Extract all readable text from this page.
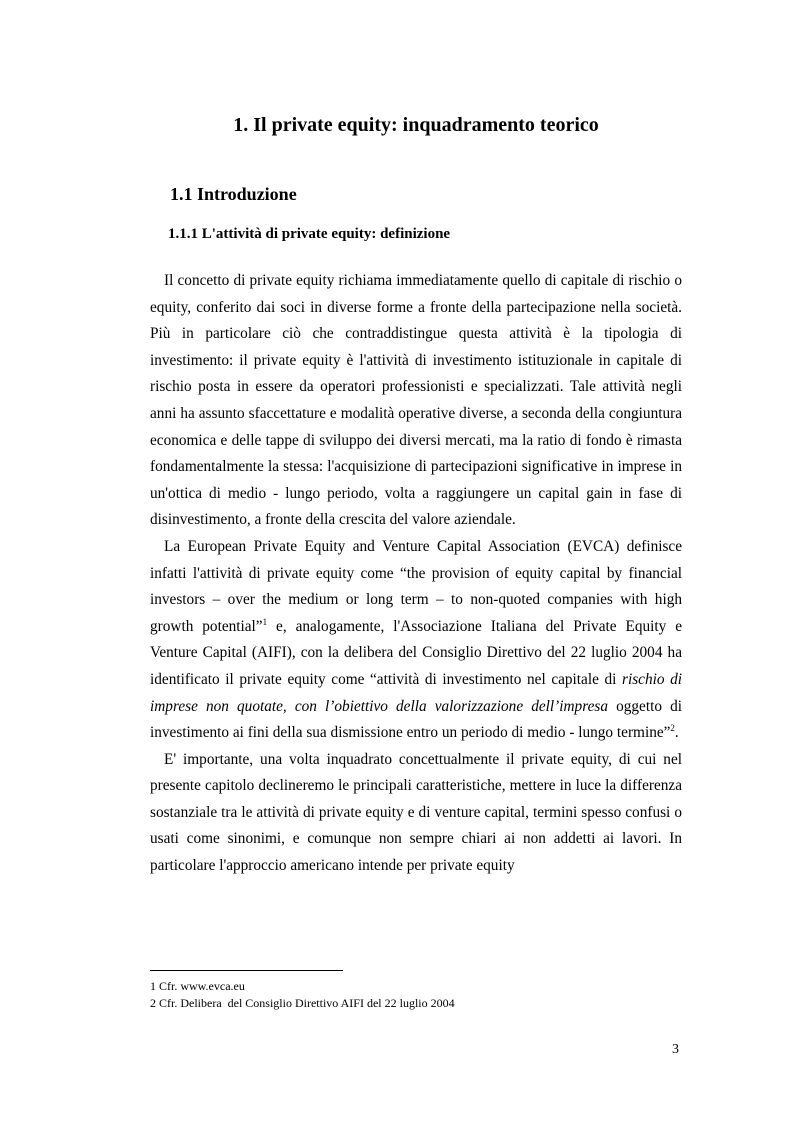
1. Il private equity: inquadramento teorico
1.1 Introduzione
1.1.1 L'attività di private equity: definizione

Il concetto di private equity richiama immediatamente quello di capitale di rischio o equity, conferito dai soci in diverse forme a fronte della partecipazione nella società. Più in particolare ciò che contraddistingue questa attività è la tipologia di investimento: il private equity è l'attività di investimento istituzionale in capitale di rischio posta in essere da operatori professionisti e specializzati. Tale attività negli anni ha assunto sfaccettature e modalità operative diverse, a seconda della congiuntura economica e delle tappe di sviluppo dei diversi mercati, ma la ratio di fondo è rimasta fondamentalmente la stessa: l'acquisizione di partecipazioni significative in imprese in un'ottica di medio - lungo periodo, volta a raggiungere un capital gain in fase di disinvestimento, a fronte della crescita del valore aziendale.

La European Private Equity and Venture Capital Association (EVCA) definisce infatti l'attività di private equity come “the provision of equity capital by financial investors – over the medium or long term – to non-quoted companies with high growth potential”$^1$ e, analogamente, l'Associazione Italiana del Private Equity e Venture Capital (AIFI), con la delibera del Consiglio Direttivo del 22 luglio 2004 ha identificato il private equity come “attività di investimento nel capitale di rischio di imprese non quotate, con l’obiettivo della valorizzazione dell’impresa oggetto di investimento ai fini della sua dismissione entro un periodo di medio - lungo termine”$^2$.

E' importante, una volta inquadrato concettualmente il private equity, di cui nel presente capitolo declineremo le principali caratteristiche, mettere in luce la differenza sostanziale tra le attività di private equity e di venture capital, termini spesso confusi o usati come sinonimi, e comunque non sempre chiari ai non addetti ai lavori. In particolare l'approccio americano intende per private equity

1 Cfr. www.evca.eu
2 Cfr. Delibera  del Consiglio Direttivo AIFI del 22 luglio 2004
3
